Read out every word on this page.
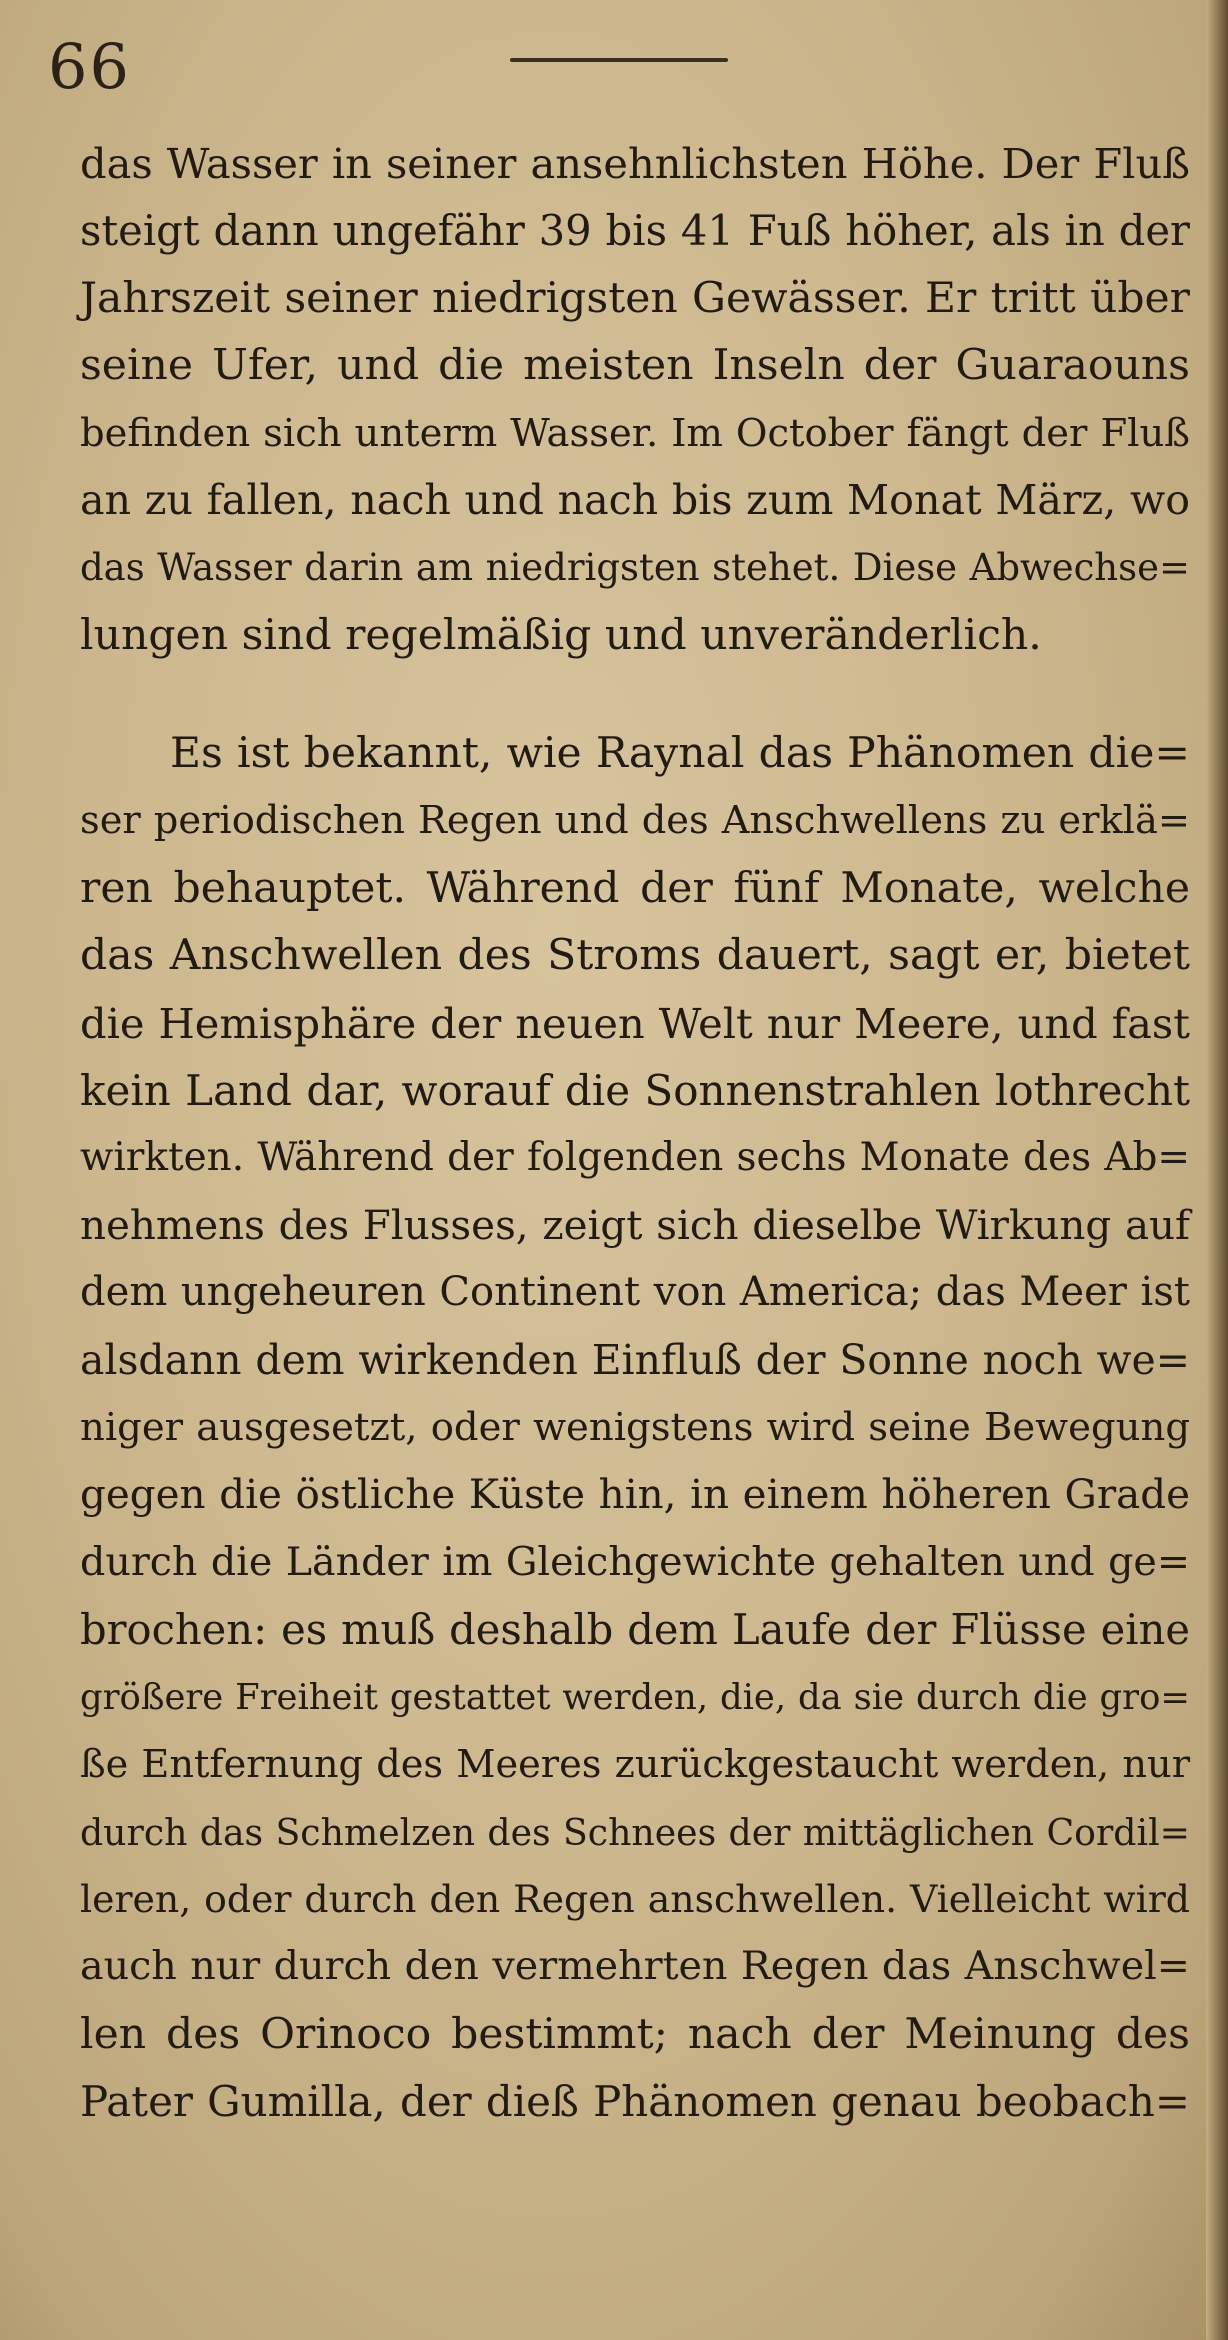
66
das Wasser in seiner ansehnlichsten Höhe. Der Fluß
steigt dann ungefähr 39 bis 41 Fuß höher, als in der
Jahrszeit seiner niedrigsten Gewässer. Er tritt über
seine Ufer, und die meisten Inseln der Guaraouns
befinden sich unterm Wasser. Im October fängt der Fluß
an zu fallen, nach und nach bis zum Monat März, wo
das Wasser darin am niedrigsten stehet. Diese Abwechse=
lungen sind regelmäßig und unveränderlich.
Es ist bekannt, wie Raynal das Phänomen die=
ser periodischen Regen und des Anschwellens zu erklä=
ren behauptet. Während der fünf Monate, welche
das Anschwellen des Stroms dauert, sagt er, bietet
die Hemisphäre der neuen Welt nur Meere, und fast
kein Land dar, worauf die Sonnenstrahlen lothrecht
wirkten. Während der folgenden sechs Monate des Ab=
nehmens des Flusses, zeigt sich dieselbe Wirkung auf
dem ungeheuren Continent von America; das Meer ist
alsdann dem wirkenden Einfluß der Sonne noch we=
niger ausgesetzt, oder wenigstens wird seine Bewegung
gegen die östliche Küste hin, in einem höheren Grade
durch die Länder im Gleichgewichte gehalten und ge=
brochen: es muß deshalb dem Laufe der Flüsse eine
größere Freiheit gestattet werden, die, da sie durch die gro=
ße Entfernung des Meeres zurückgestaucht werden, nur
durch das Schmelzen des Schnees der mittäglichen Cordil=
leren, oder durch den Regen anschwellen. Vielleicht wird
auch nur durch den vermehrten Regen das Anschwel=
len des Orinoco bestimmt; nach der Meinung des
Pater Gumilla, der dieß Phänomen genau beobach=
